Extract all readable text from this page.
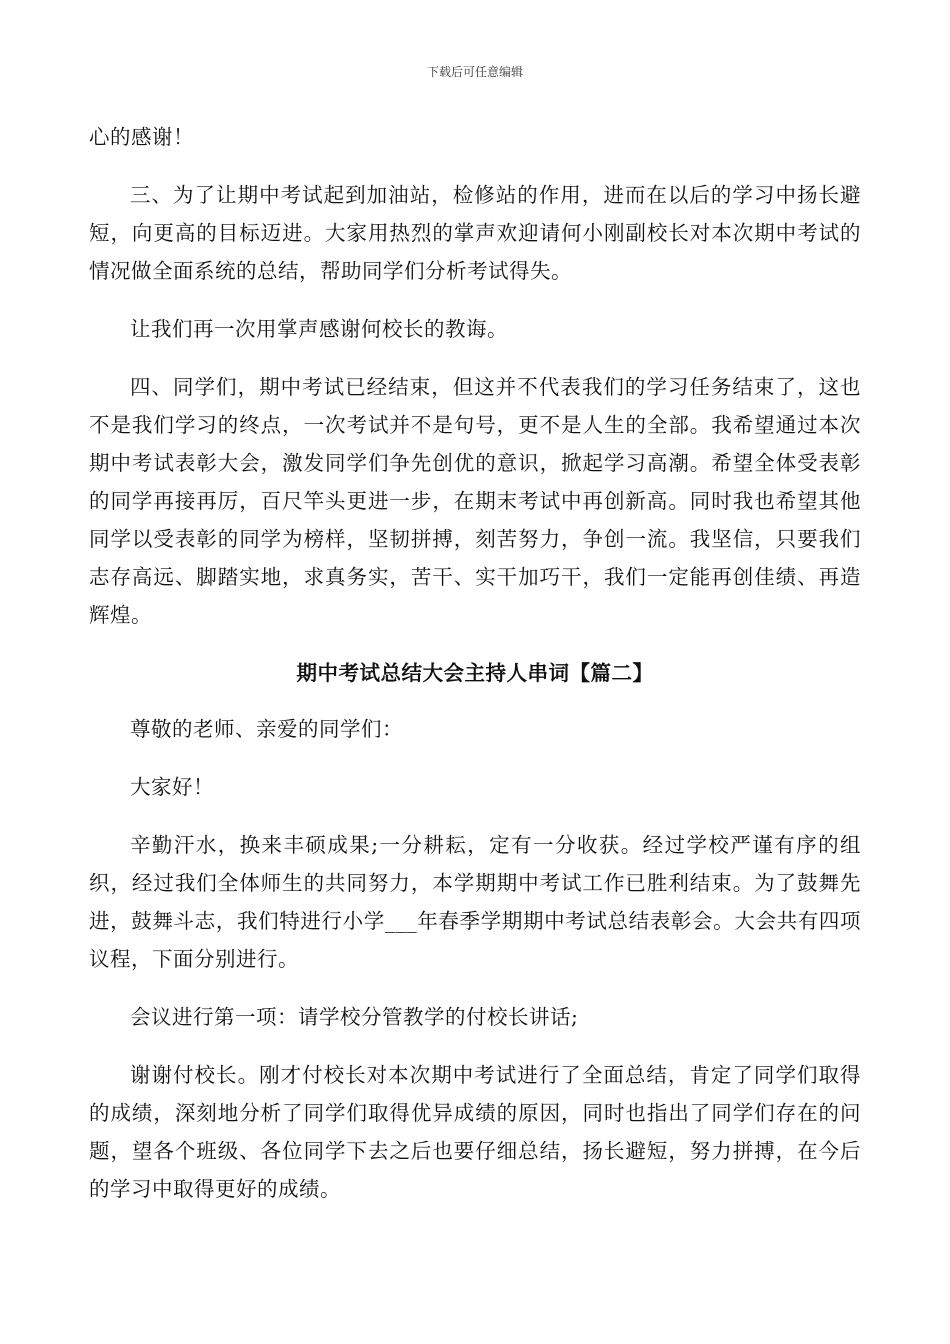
下载后可任意编辑

心的感谢！

三、为了让期中考试起到加油站，检修站的作用，进而在以后的学习中扬长避短，向更高的目标迈进。大家用热烈的掌声欢迎请何小刚副校长对本次期中考试的情况做全面系统的总结，帮助同学们分析考试得失。

让我们再一次用掌声感谢何校长的教诲。

四、同学们，期中考试已经结束，但这并不代表我们的学习任务结束了，这也不是我们学习的终点，一次考试并不是句号，更不是人生的全部。我希望通过本次期中考试表彰大会，激发同学们争先创优的意识，掀起学习高潮。希望全体受表彰的同学再接再厉，百尺竿头更进一步，在期末考试中再创新高。同时我也希望其他同学以受表彰的同学为榜样，坚韧拼搏，刻苦努力，争创一流。我坚信，只要我们志存高远、脚踏实地，求真务实，苦干、实干加巧干，我们一定能再创佳绩、再造辉煌。

期中考试总结大会主持人串词【篇二】

尊敬的老师、亲爱的同学们：

大家好！

辛勤汗水，换来丰硕成果;一分耕耘，定有一分收获。经过学校严谨有序的组织，经过我们全体师生的共同努力，本学期期中考试工作已胜利结束。为了鼓舞先进，鼓舞斗志，我们特进行小学___年春季学期期中考试总结表彰会。大会共有四项议程，下面分别进行。

会议进行第一项：请学校分管教学的付校长讲话;

谢谢付校长。刚才付校长对本次期中考试进行了全面总结，肯定了同学们取得的成绩，深刻地分析了同学们取得优异成绩的原因，同时也指出了同学们存在的问题，望各个班级、各位同学下去之后也要仔细总结，扬长避短，努力拼搏，在今后的学习中取得更好的成绩。
